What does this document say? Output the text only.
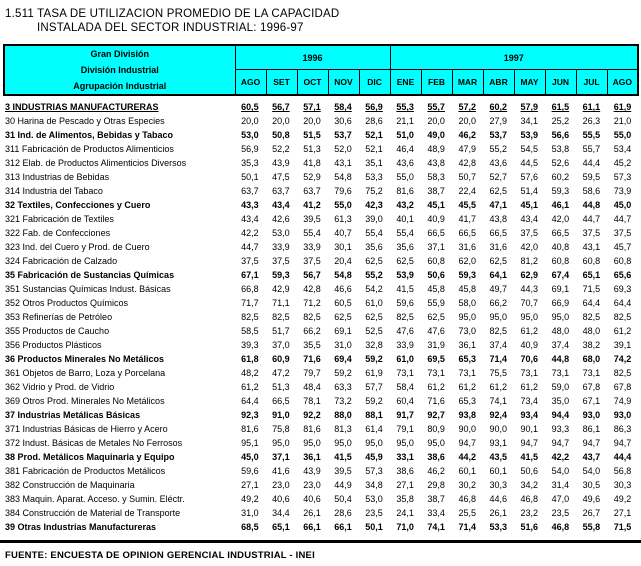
1.511 TASA DE UTILIZACION PROMEDIO DE LA CAPACIDAD
INSTALADA DEL SECTOR INDUSTRIAL: 1996-97
Gran División
División Industrial
Agrupación Industrial	1996					1997							
	AGO	SET	OCT	NOV	DIC	ENE	FEB	MAR	ABR	MAY	JUN	JUL	AGO
3 INDUSTRIAS MANUFACTURERAS	60,5	56,7	57,1	58,4	56,9	55,3	55,7	57,2	60,2	57,9	61,5	61,1	61,9
30 Harina de Pescado y Otras Especies	20,0	20,0	20,0	30,6	28,6	21,1	20,0	20,0	27,9	34,1	25,2	26,3	21,0
31 Ind. de Alimentos, Bebidas y Tabaco	53,0	50,8	51,5	53,7	52,1	51,0	49,0	46,2	53,7	53,9	56,6	55,5	55,0
311 Fabricación de Productos Alimenticios	56,9	52,2	51,3	52,0	52,1	46,4	48,9	47,9	55,2	54,5	53,8	55,7	53,4
312 Elab. de Productos Alimenticios Diversos	35,3	43,9	41,8	43,1	35,1	43,6	43,8	42,8	43,6	44,5	52,6	44,4	45,2
313 Industrias de Bebidas	50,1	47,5	52,9	54,8	53,3	55,0	58,3	50,7	52,7	57,6	60,2	59,5	57,3
314 Industria del Tabaco	63,7	63,7	63,7	79,6	75,2	81,6	38,7	22,4	62,5	51,4	59,3	58,6	73,9
32 Textiles, Confecciones y Cuero	43,3	43,4	41,2	55,0	42,3	43,2	45,1	45,5	47,1	45,1	46,1	44,8	45,0
321 Fabricación de Textiles	43,4	42,6	39,5	61,3	39,0	40,1	40,9	41,7	43,8	43,4	42,0	44,7	44,7
322 Fab. de Confecciones	42,2	53,0	55,4	40,7	55,4	55,4	66,5	66,5	66,5	37,5	66,5	37,5	37,5
323 Ind. del Cuero y Prod. de Cuero	44,7	33,9	33,9	30,1	35,6	35,6	37,1	31,6	31,6	42,0	40,8	43,1	45,7
324 Fabricación de Calzado	37,5	37,5	37,5	20,4	62,5	62,5	60,8	62,0	62,5	81,2	60,8	60,8	60,8
35 Fabricación de Sustancias Químicas	67,1	59,3	56,7	54,8	55,2	53,9	50,6	59,3	64,1	62,9	67,4	65,1	65,6
351 Sustancias Químicas Indust. Básicas	66,8	42,9	42,8	46,6	54,2	41,5	45,8	45,8	49,7	44,3	69,1	71,5	69,3
352 Otros Productos Químicos	71,7	71,1	71,2	60,5	61,0	59,6	55,9	58,0	66,2	70,7	66,9	64,4	64,4
353 Refinerías de Petróleo	82,5	82,5	82,5	62,5	62,5	82,5	62,5	95,0	95,0	95,0	95,0	82,5	82,5
355 Productos de Caucho	58,5	51,7	66,2	69,1	52,5	47,6	47,6	73,0	82,5	61,2	48,0	48,0	61,2
356 Productos Plásticos	39,3	37,0	35,5	31,0	32,8	33,9	31,9	36,1	37,4	40,9	37,4	38,2	39,1
36 Productos Minerales No Metálicos	61,8	60,9	71,6	69,4	59,2	61,0	69,5	65,3	71,4	70,6	44,8	68,0	74,2
361 Objetos de Barro, Loza y Porcelana	48,2	47,2	79,7	59,2	61,9	73,1	73,1	73,1	75,5	73,1	73,1	73,1	82,5
362 Vidrio y Prod. de Vidrio	61,2	51,3	48,4	63,3	57,7	58,4	61,2	61,2	61,2	61,2	59,0	67,8	67,8
369 Otros Prod. Minerales No Metálicos	64,4	66,5	78,1	73,2	59,2	60,4	71,6	65,3	74,1	73,4	35,0	67,1	74,9
37 Industrias Metálicas Básicas	92,3	91,0	92,2	88,0	88,1	91,7	92,7	93,8	92,4	93,4	94,4	93,0	93,0
371 Industrias Básicas de Hierro y Acero	81,6	75,8	81,6	81,3	61,4	79,1	80,9	90,0	90,0	90,1	93,3	86,1	86,3
372 Indust. Básicas de Metales No Ferrosos	95,1	95,0	95,0	95,0	95,0	95,0	95,0	94,7	93,1	94,7	94,7	94,7	94,7
38 Prod. Metálicos Maquinaria y Equipo	45,0	37,1	36,1	41,5	45,9	33,1	38,6	44,2	43,5	41,5	42,2	43,7	44,4
381 Fabricación de Productos Metálicos	59,6	41,6	43,9	39,5	57,3	38,6	46,2	60,1	60,1	50,6	54,0	54,0	56,8
382 Construcción de Maquinaria	27,1	23,0	23,0	44,9	34,8	27,1	29,8	30,2	30,3	34,2	31,4	30,5	30,3
383 Maquin. Aparat. Acceso. y Sumin. Eléctr.	49,2	40,6	40,6	50,4	53,0	35,8	38,7	46,8	44,6	46,8	47,0	49,6	49,2
384 Construcción de Material de Transporte	31,0	34,4	26,1	28,6	23,5	24,1	33,4	25,5	26,1	23,2	23,5	26,7	27,1
39 Otras Industrias Manufactureras	68,5	65,1	66,1	66,1	50,1	71,0	74,1	71,4	53,3	51,6	46,8	55,8	71,5
FUENTE: ENCUESTA DE OPINION GERENCIAL INDUSTRIAL - INEI
